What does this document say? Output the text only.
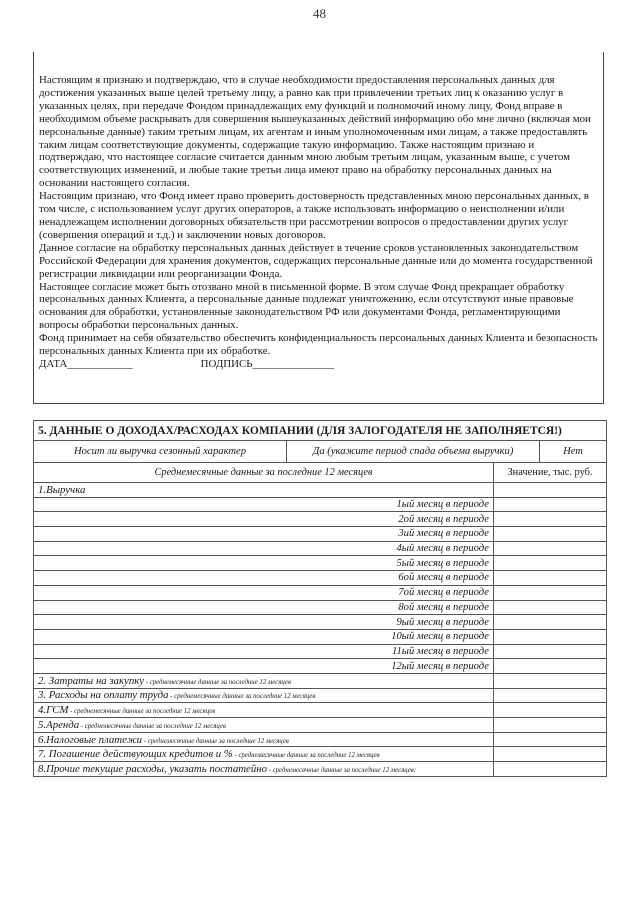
48

Настоящим я признаю и подтверждаю, что в случае необходимости предоставления персональных данных для достижения указанных выше целей третьему лицу, а равно как при привлечении третьих лиц к оказанию услуг в указанных целях, при передаче Фондом принадлежащих ему функций и полномочий иному лицу, Фонд вправе в необходимом объеме раскрывать для совершения вышеуказанных действий информацию обо мне лично (включая мои персональные данные) таким третьим лицам, их агентам и иным уполномоченным ими лицам, а также предоставлять таким лицам соответствующие документы, содержащие такую информацию. Также настоящим признаю и подтверждаю, что настоящее согласие считается данным мною любым третьим лицам, указанным выше, с учетом соответствующих изменений, и любые такие третьи лица имеют право на обработку персональных данных на основании настоящего согласия.

Настоящим признаю, что Фонд имеет право проверить достоверность представленных мною персональных данных, в том числе, с использованием услуг других операторов, а также использовать информацию о неисполнении и/или ненадлежащем исполнении договорных обязательств при рассмотрении вопросов о предоставлении других услуг (совершения операций и т.д.) и заключении новых договоров.

Данное согласие на обработку персональных данных действует в течение сроков установленных законодательством Российской Федерации для хранения документов, содержащих персональные данные или до момента государственной регистрации ликвидации или реорганизации Фонда.

Настоящее согласие может быть отозвано мной в письменной форме. В этом случае Фонд прекращает обработку персональных данных Клиента, а персональные данные подлежат уничтожению, если отсутствуют иные правовые основания для обработки, установленные законодательством РФ или документами Фонда, регламентирующими вопросы обработки персональных данных.

Фонд принимает на себя обязательство обеспечить конфиденциальность персональных данных Клиента и безопасность персональных данных Клиента при их обработке.

ДАТА____________	ПОДПИСЬ_______________

5. ДАННЫЕ О ДОХОДАХ/РАСХОДАХ КОМПАНИИ (ДЛЯ ЗАЛОГОДАТЕЛЯ НЕ ЗАПОЛНЯЕТСЯ!)			
Носит ли выручка сезонный характер	Да (укажите период спада объема выручки)		Нет
Среднемесячные данные за последние 12 месяцев		Значение, тыс. руб.	
1.Выручка			
1ый месяц в периоде			
2ой месяц в периоде			
3ий месяц в периоде			
4ый месяц в периоде			
5ый месяц в периоде			
6ой месяц в периоде			
7ой месяц в периоде			
8ой месяц в периоде			
9ый месяц в периоде			
10ый месяц в периоде			
11ый месяц в периоде			
12ый месяц в периоде			
2. Затраты на закупку - среднемесячные данные за последние 12 месяцев			
3. Расходы на оплату труда - среднемесячные данные за последние 12 месяцев			
4.ГСМ - среднемесячные данные за последние 12 месяцев			
5.Аренда - среднемесячные данные за последние 12 месяцев			
6.Налоговые платежи - среднемесячные данные за последние 12 месяцев			
7. Погашение действующих кредитов и % - среднемесячные данные за последние 12 месяцев			
8.Прочие текущие расходы, указать постатейно - среднемесячные данные за последние 12 месяцев:			
